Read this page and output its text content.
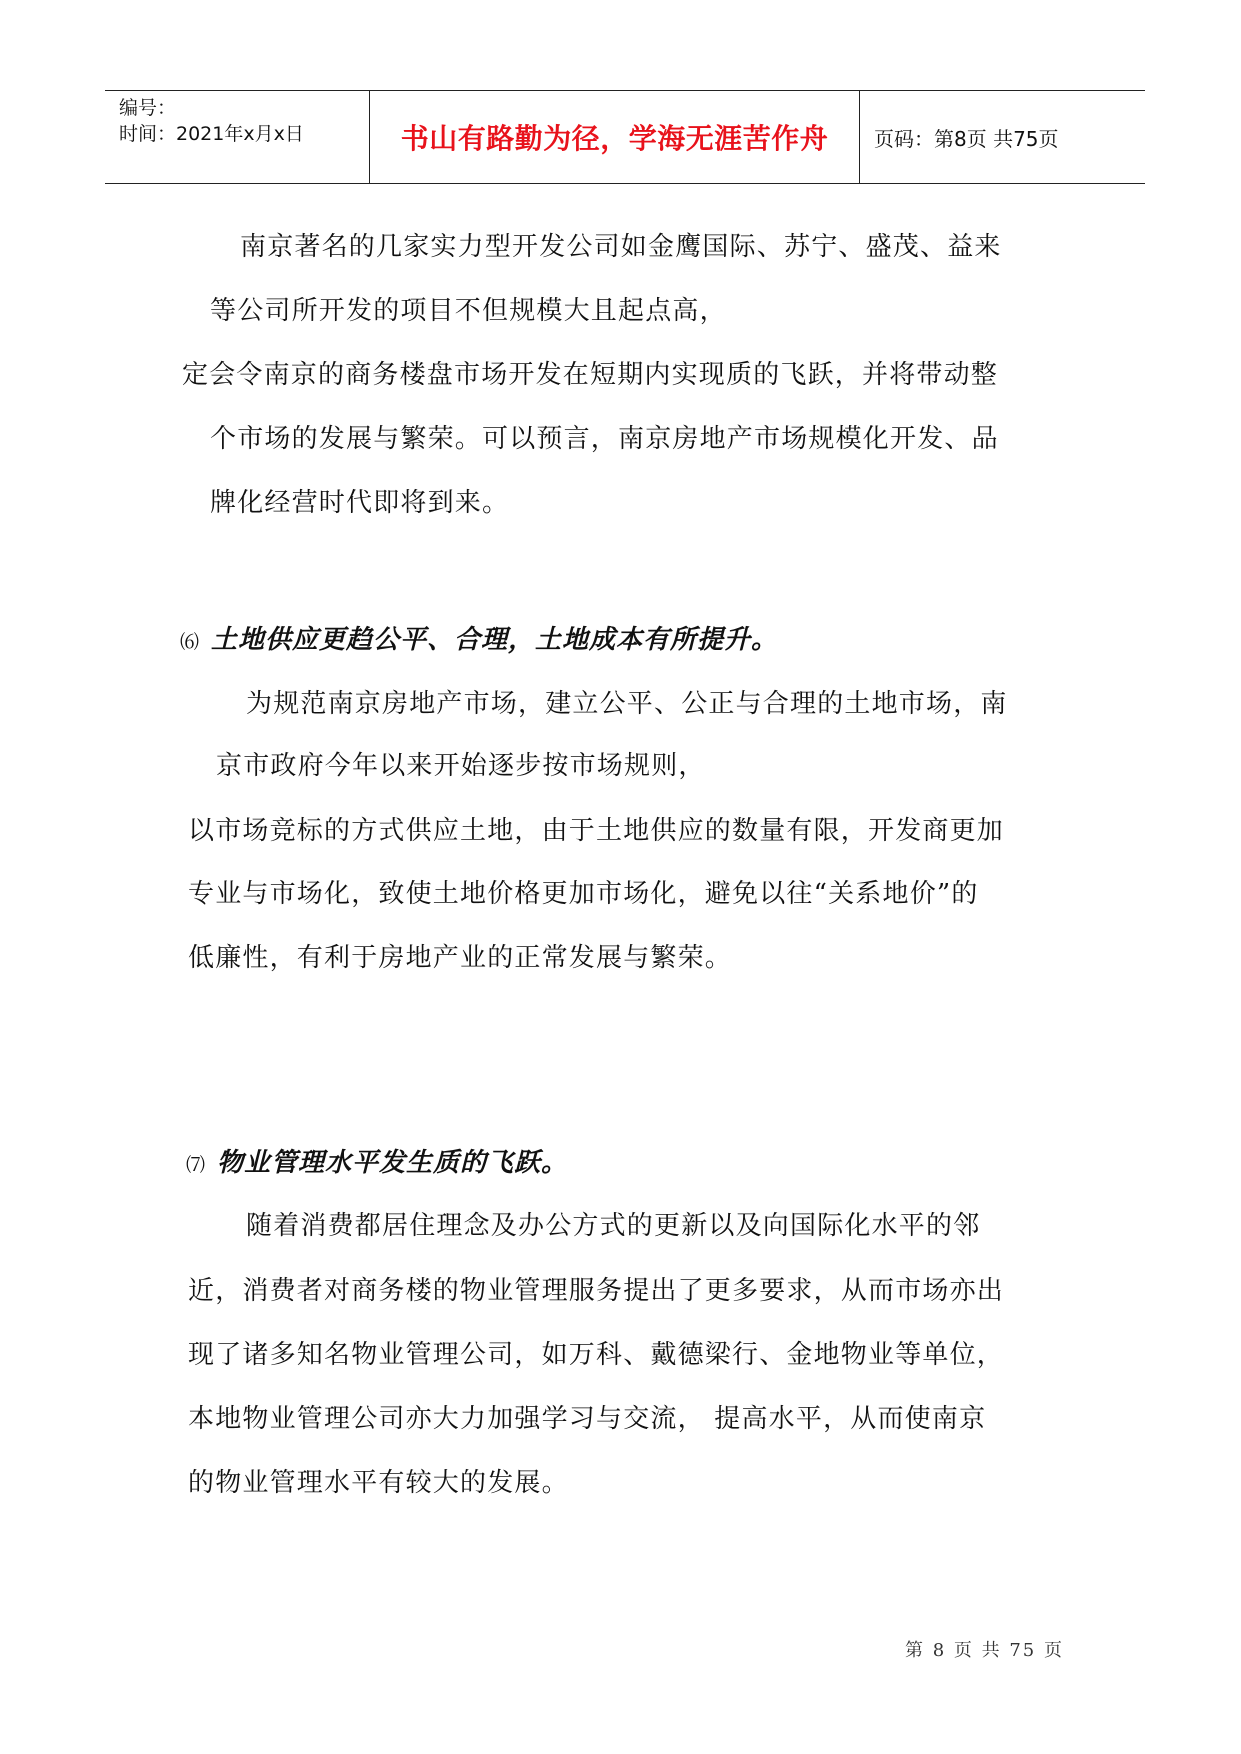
编号：
时间：2021年x月x日	书山有路勤为径，学海无涯苦作舟 页码：第8页 共75页
南京著名的几家实力型开发公司如金鹰国际、苏宁、盛茂、益来
等公司所开发的项目不但规模大且起点高，
定会令南京的商务楼盘市场开发在短期内实现质的飞跃，并将带动整
个市场的发展与繁荣。可以预言，南京房地产市场规模化开发、品
牌化经营时代即将到来。
⑹ 土地供应更趋公平、合理，土地成本有所提升。
为规范南京房地产市场，建立公平、公正与合理的土地市场，南
京市政府今年以来开始逐步按市场规则，
以市场竞标的方式供应土地，由于土地供应的数量有限，开发商更加
专业与市场化，致使土地价格更加市场化，避免以往“关系地价”的
低廉性，有利于房地产业的正常发展与繁荣。
⑺ 物业管理水平发生质的飞跃。
随着消费都居住理念及办公方式的更新以及向国际化水平的邻
近，消费者对商务楼的物业管理服务提出了更多要求，从而市场亦出
现了诸多知名物业管理公司，如万科、戴德梁行、金地物业等单位，
本地物业管理公司亦大力加强学习与交流， 提高水平，从而使南京
的物业管理水平有较大的发展。
第 8 页 共 75 页
